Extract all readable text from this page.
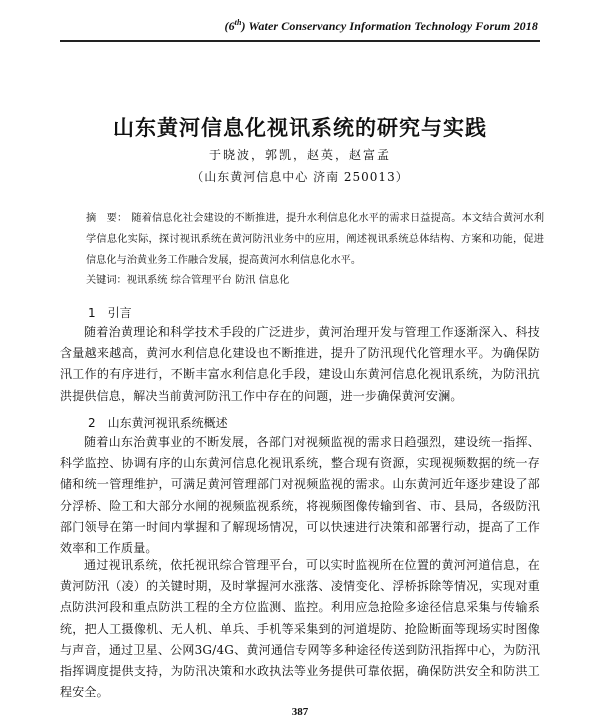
(6th) Water Conservancy Information Technology Forum 2018
山东黄河信息化视讯系统的研究与实践
于晓波，郭凯，赵英，赵富孟
（山东黄河信息中心 济南 250013）
摘　要： 随着信息化社会建设的不断推进，提升水利信息化水平的需求日益提高。本文结合黄河水利学信息化实际，探讨视讯系统在黄河防汛业务中的应用，阐述视讯系统总体结构、方案和功能，促进信息化与治黄业务工作融合发展，提高黄河水利信息化水平。
关键词：视讯系统 综合管理平台 防汛 信息化
1　引言
随着治黄理论和科学技术手段的广泛进步，黄河治理开发与管理工作逐渐深入、科技含量越来越高，黄河水利信息化建设也不断推进，提升了防汛现代化管理水平。为确保防汛工作的有序进行，不断丰富水利信息化手段，建设山东黄河信息化视讯系统，为防汛抗洪提供信息，解决当前黄河防汛工作中存在的问题，进一步确保黄河安澜。
2　山东黄河视讯系统概述
随着山东治黄事业的不断发展，各部门对视频监视的需求日趋强烈，建设统一指挥、科学监控、协调有序的山东黄河信息化视讯系统，整合现有资源，实现视频数据的统一存储和统一管理维护，可满足黄河管理部门对视频监视的需求。山东黄河近年逐步建设了部分浮桥、险工和大部分水闸的视频监视系统，将视频图像传输到省、市、县局，各级防汛部门领导在第一时间内掌握和了解现场情况，可以快速进行决策和部署行动，提高了工作效率和工作质量。
通过视讯系统，依托视讯综合管理平台，可以实时监视所在位置的黄河河道信息，在黄河防汛（凌）的关键时期，及时掌握河水涨落、凌情变化、浮桥拆除等情况，实现对重点防洪河段和重点防洪工程的全方位监测、监控。利用应急抢险多途径信息采集与传输系统，把人工摄像机、无人机、单兵、手机等采集到的河道堤防、抢险断面等现场实时图像与声音，通过卫星、公网3G/4G、黄河通信专网等多种途径传送到防汛指挥中心，为防汛指挥调度提供支持，为防汛决策和水政执法等业务提供可靠依据，确保防洪安全和防洪工程安全。
387
